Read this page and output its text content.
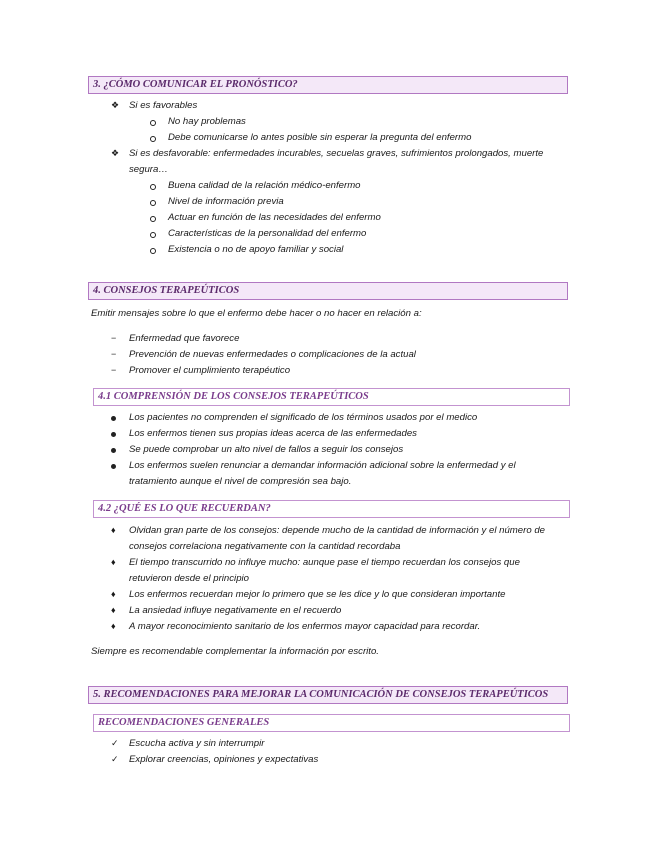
3. ¿CÓMO COMUNICAR EL PRONÓSTICO?
❖ Si es favorables
No hay problemas
Debe comunicarse lo antes posible sin esperar la pregunta del enfermo
❖ Si es desfavorable: enfermedades incurables, secuelas graves, sufrimientos prolongados, muerte
segura…
Buena calidad de la relación médico-enfermo
Nivel de información previa
Actuar en función de las necesidades del enfermo
Características de la personalidad del enfermo
Existencia o no de apoyo familiar y social
4. CONSEJOS TERAPEÚTICOS
Emitir mensajes sobre lo que el enfermo debe hacer o no hacer en relación a:
− Enfermedad que favorece
− Prevención de nuevas enfermedades o complicaciones de la actual
− Promover el cumplimiento terapéutico
4.1 COMPRENSIÓN DE LOS CONSEJOS TERAPEÚTICOS
Los pacientes no comprenden el significado de los términos usados por el medico
Los enfermos tienen sus propias ideas acerca de las enfermedades
Se puede comprobar un alto nivel de fallos a seguir los consejos
Los enfermos suelen renunciar a demandar información adicional sobre la enfermedad y el
tratamiento aunque el nivel de compresión sea bajo.
4.2 ¿QUÉ ES LO QUE RECUERDAN?
♦ Olvidan gran parte de los consejos: depende mucho de la cantidad de información y el número de
consejos correlaciona negativamente con la cantidad recordaba
♦ El tiempo transcurrido no influye mucho: aunque pase el tiempo recuerdan los consejos que
retuvieron desde el principio
♦ Los enfermos recuerdan mejor lo primero que se les dice y lo que consideran importante
♦ La ansiedad influye negativamente en el recuerdo
♦ A mayor reconocimiento sanitario de los enfermos mayor capacidad para recordar.
Siempre es recomendable complementar la información por escrito.
5. RECOMENDACIONES PARA MEJORAR LA COMUNICACIÓN DE CONSEJOS TERAPEÚTICOS
RECOMENDACIONES GENERALES
✓ Escucha activa y sin interrumpir
✓ Explorar creencias, opiniones y expectativas
